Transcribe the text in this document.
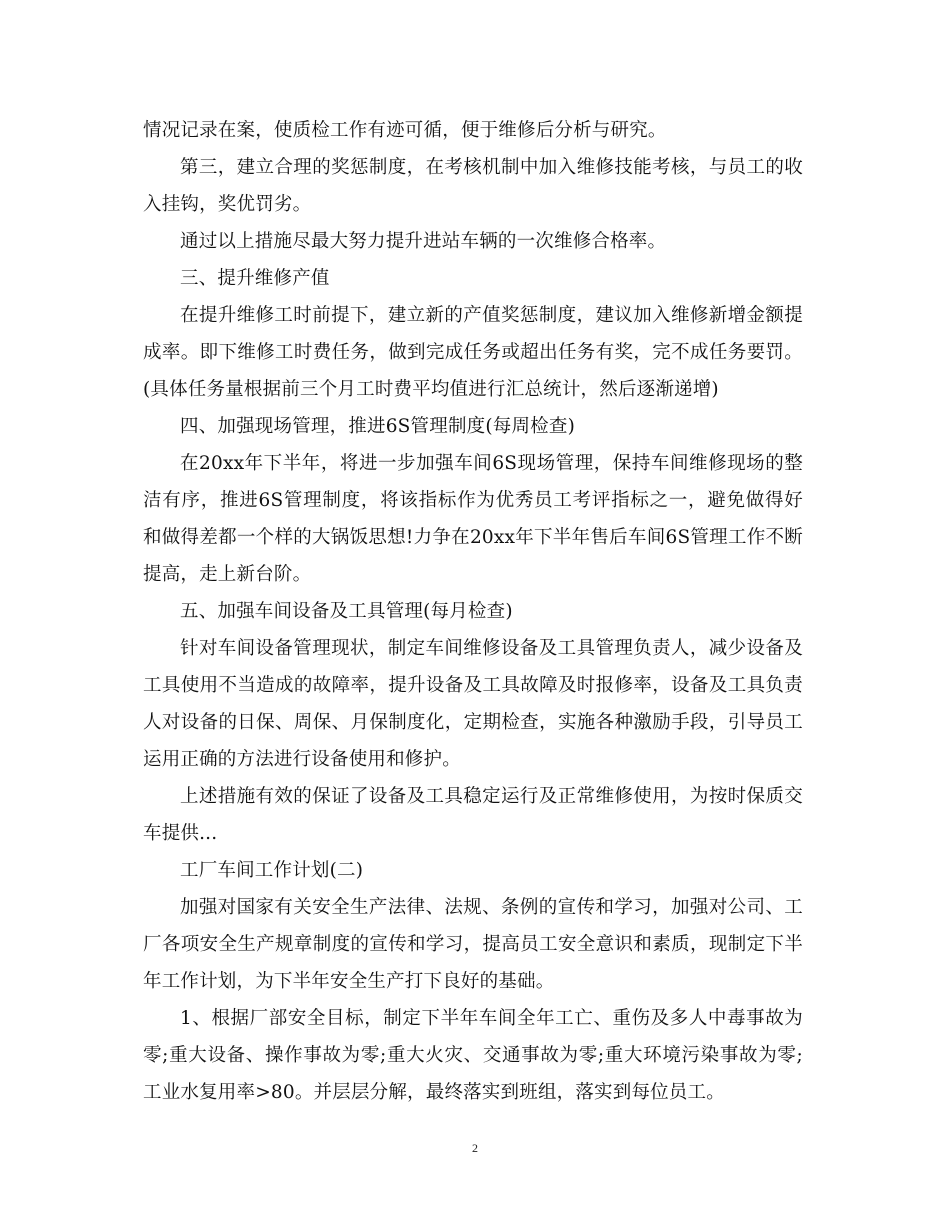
情况记录在案，使质检工作有迹可循，便于维修后分析与研究。

第三，建立合理的奖惩制度，在考核机制中加入维修技能考核，与员工的收入挂钩，奖优罚劣。

通过以上措施尽最大努力提升进站车辆的一次维修合格率。

三、提升维修产值

在提升维修工时前提下，建立新的产值奖惩制度，建议加入维修新增金额提成率。即下维修工时费任务，做到完成任务或超出任务有奖，完不成任务要罚。(具体任务量根据前三个月工时费平均值进行汇总统计，然后逐渐递增)

四、加强现场管理，推进6S管理制度(每周检查)

在20xx年下半年，将进一步加强车间6S现场管理，保持车间维修现场的整洁有序，推进6S管理制度，将该指标作为优秀员工考评指标之一，避免做得好和做得差都一个样的大锅饭思想!力争在20xx年下半年售后车间6S管理工作不断提高，走上新台阶。

五、加强车间设备及工具管理(每月检查)

针对车间设备管理现状，制定车间维修设备及工具管理负责人，减少设备及工具使用不当造成的故障率，提升设备及工具故障及时报修率，设备及工具负责人对设备的日保、周保、月保制度化，定期检查，实施各种激励手段，引导员工运用正确的方法进行设备使用和修护。

上述措施有效的保证了设备及工具稳定运行及正常维修使用，为按时保质交车提供...

工厂车间工作计划(二)

加强对国家有关安全生产法律、法规、条例的宣传和学习，加强对公司、工厂各项安全生产规章制度的宣传和学习，提高员工安全意识和素质，现制定下半年工作计划，为下半年安全生产打下良好的基础。

1、根据厂部安全目标，制定下半年车间全年工亡、重伤及多人中毒事故为零;重大设备、操作事故为零;重大火灾、交通事故为零;重大环境污染事故为零;工业水复用率>80。并层层分解，最终落实到班组，落实到每位员工。

2
